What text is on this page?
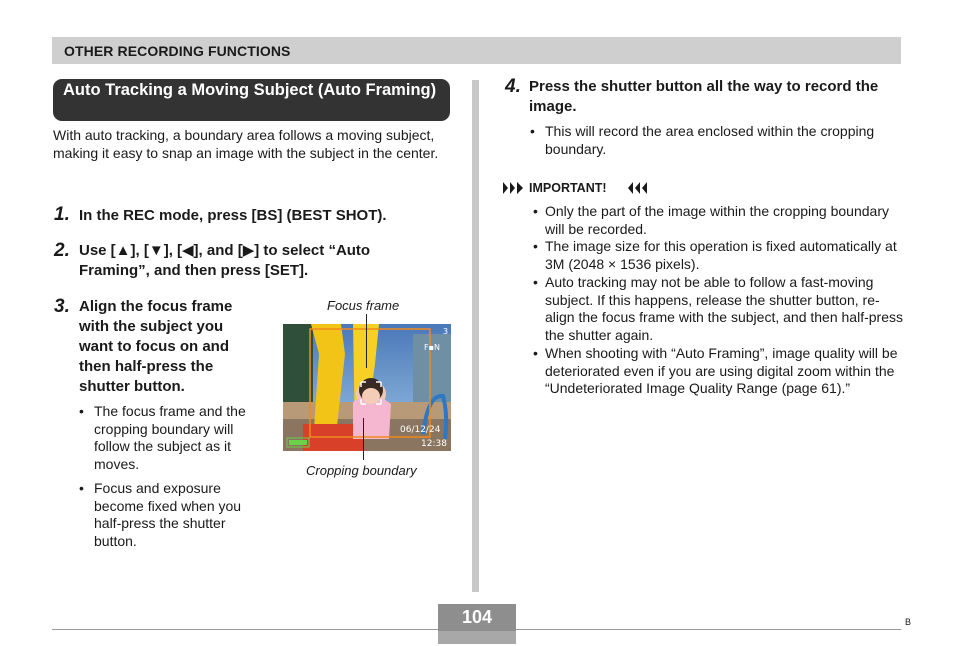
OTHER RECORDING FUNCTIONS
Auto Tracking a Moving Subject (Auto Framing)
With auto tracking, a boundary area follows a moving subject, making it easy to snap an image with the subject in the center.
1. In the REC mode, press [BS] (BEST SHOT).
2. Use [▲], [▼], [◀], and [▶] to select “Auto Framing”, and then press [SET].
3. Align the focus frame with the subject you want to focus on and then half-press the shutter button.
• The focus frame and the cropping boundary will follow the subject as it moves.
• Focus and exposure become fixed when you half-press the shutter button.
Focus frame
Cropping boundary
3
F▪N
06/12/24
12:38
4. Press the shutter button all the way to record the image.
• This will record the area enclosed within the cropping boundary.
IMPORTANT!
• Only the part of the image within the cropping boundary will be recorded.
• The image size for this operation is fixed automatically at 3M (2048 × 1536 pixels).
• Auto tracking may not be able to follow a fast-moving subject. If this happens, release the shutter button, re-align the focus frame with the subject, and then half-press the shutter again.
• When shooting with “Auto Framing”, image quality will be deteriorated even if you are using digital zoom within the “Undeteriorated Image Quality Range (page 61).”
104	B
